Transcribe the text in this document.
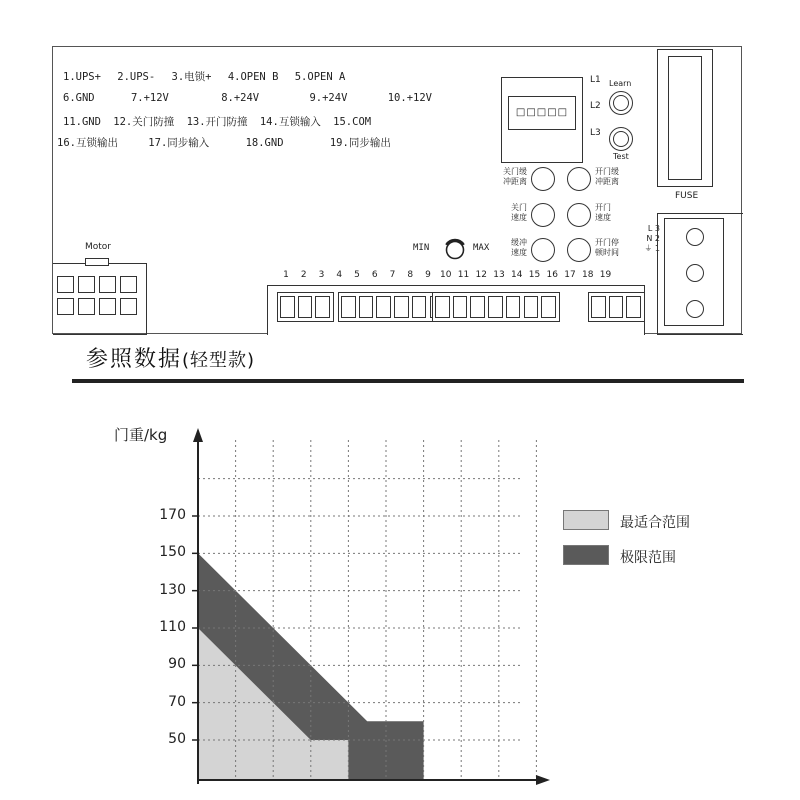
1.UPS+ 2.UPS- 3.电锁+ 4.OPEN B 5.OPEN A
6.GND	7.+12V	8.+24V	9.+24V	10.+12V
11.GND 12.关门防撞 13.开门防撞 14.互锁输入 15.COM
16.互锁输出	17.同步输入	18.GND	19.同步输出
Motor
□□□□□
L1
L2
L3
Learn
Test
关门缓
冲距离
开门缓
冲距离
关门
速度
开门
速度
缓冲
速度
开门停
顿时间
MIN	MAX
FUSE
L 3
N 2
⏚ 1
1	2	3	4	5	6	7	8	9	10 11 12 13 14 15 16 17 18 19
参照数据(轻型款)
门重/kg
50
70
90
110
130
150
170	最适合范围
极限范围
